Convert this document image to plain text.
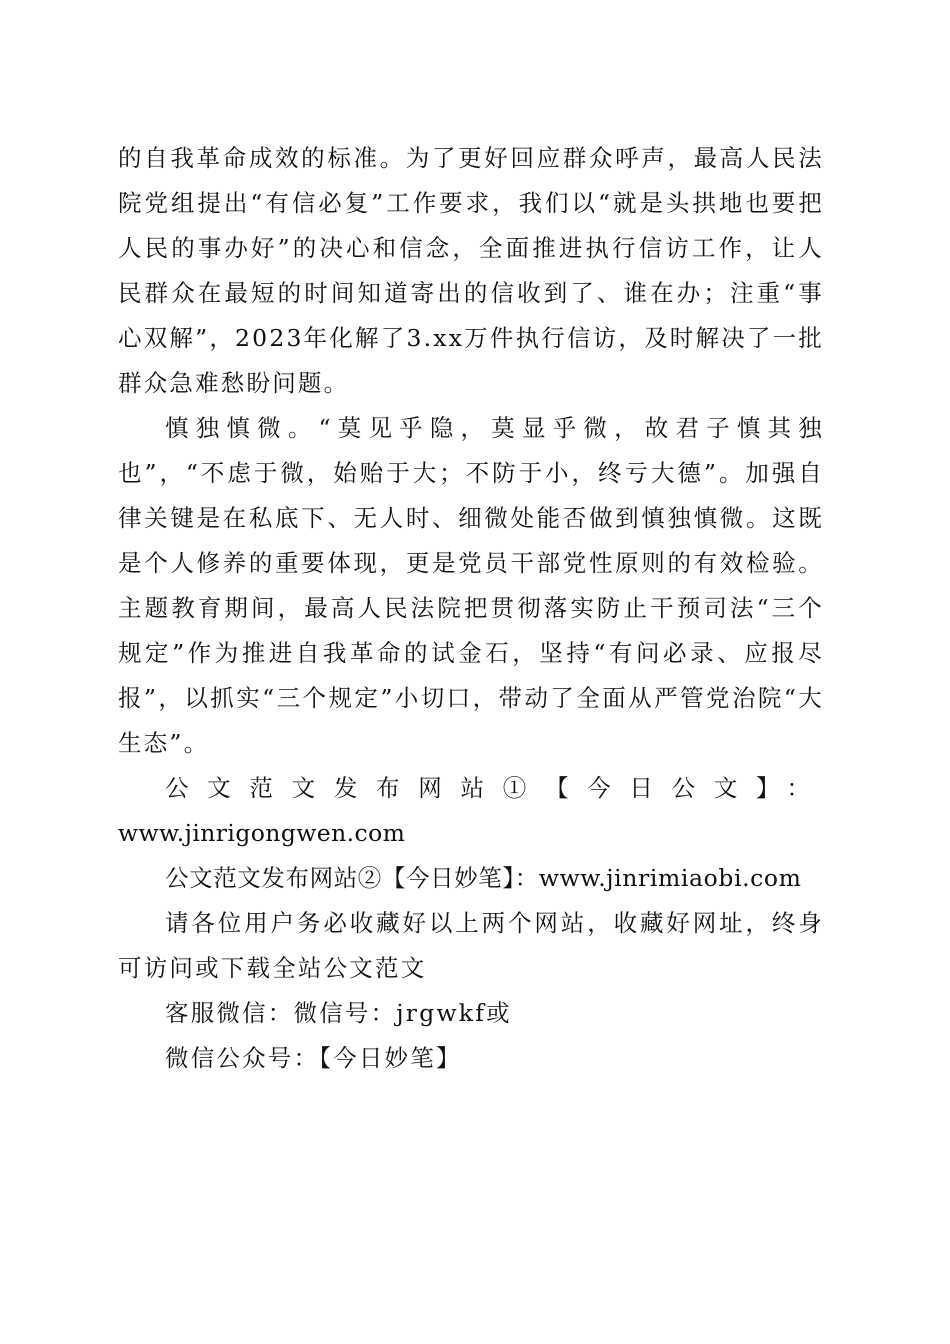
的自我革命成效的标准。为了更好回应群众呼声，最高人民法院党组提出“有信必复”工作要求，我们以“就是头拱地也要把人民的事办好”的决心和信念，全面推进执行信访工作，让人民群众在最短的时间知道寄出的信收到了、谁在办；注重“事心双解”，2023年化解了3.xx万件执行信访，及时解决了一批群众急难愁盼问题。

慎独慎微。“莫见乎隐，莫显乎微，故君子慎其独也”，“不虑于微，始贻于大；不防于小，终亏大德”。加强自律关键是在私底下、无人时、细微处能否做到慎独慎微。这既是个人修养的重要体现，更是党员干部党性原则的有效检验。主题教育期间，最高人民法院把贯彻落实防止干预司法“三个规定”作为推进自我革命的试金石，坚持“有问必录、应报尽报”，以抓实“三个规定”小切口，带动了全面从严管党治院“大生态”。

公文范文发布网站①【今日公文】：

www.jinrigongwen.com

公文范文发布网站②【今日妙笔】：www.jinrimiaobi.com

请各位用户务必收藏好以上两个网站，收藏好网址，终身可访问或下载全站公文范文

客服微信：微信号：jrgwkf或

微信公众号：【今日妙笔】
